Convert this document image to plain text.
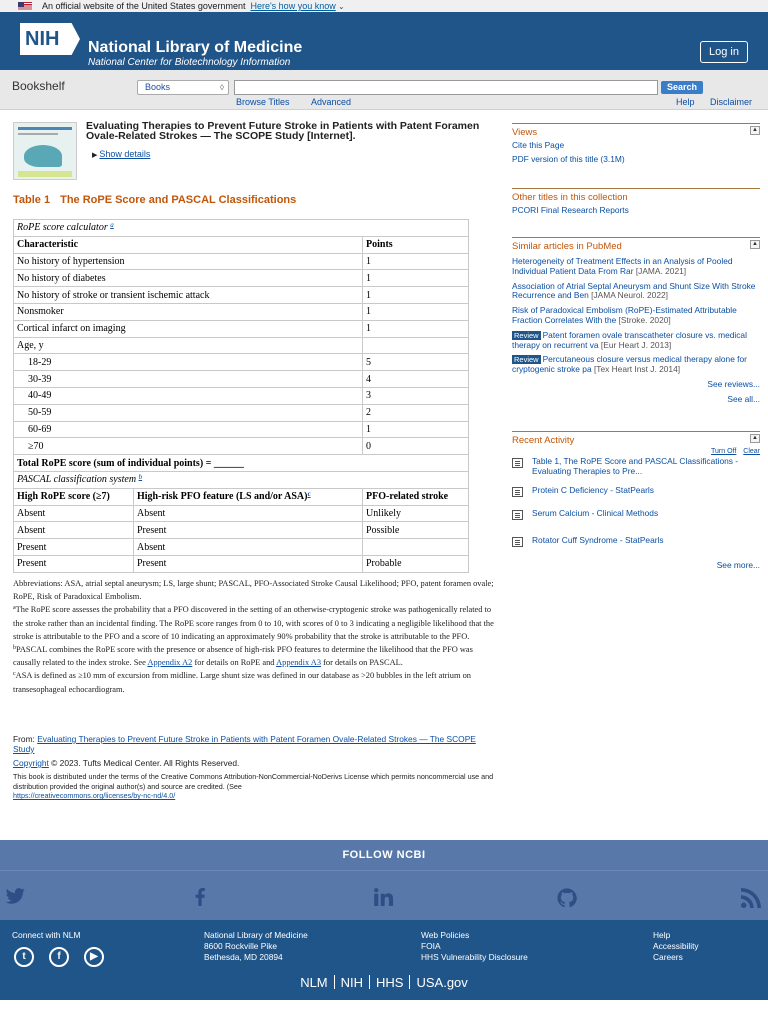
An official website of the United States government Here's how you know ⌄
NIH National Library of Medicine
National Center for Biotechnology Information
Log in
Bookshelf	Books	◊	Search
Browse Titles Advanced	Help Disclaimer
Evaluating Therapies to Prevent Future Stroke in Patients with Patent Foramen Ovale-Related Strokes — The SCOPE Study [Internet].
▶ Show details
Table 1 The RoPE Score and PASCAL Classifications
RoPE score calculator $^a$
Characteristic		Points
No history of hypertension		1
No history of diabetes		1
No history of stroke or transient ischemic attack		1
Nonsmoker		1
Cortical infarct on imaging		1
Age, y		
18-29		5
30-39		4
40-49		3
50-59		2
60-69		1
≥70		0
Total RoPE score (sum of individual points) = ______		
PASCAL classification system $^b$
High RoPE score (≥7)	High-risk PFO feature (LS and/or ASA)$^c$	PFO-related stroke
Absent	Absent	Unlikely
Absent	Present	Possible
Present	Absent	
Present	Present	Probable
Abbreviations: ASA, atrial septal aneurysm; LS, large shunt; PASCAL, PFO-Associated Stroke Causal Likelihood; PFO, patent foramen ovale; RoPE, Risk of Paradoxical Embolism.
$^a$The RoPE score assesses the probability that a PFO discovered in the setting of an otherwise-cryptogenic stroke was pathogenically related to the stroke rather than an incidental finding. The RoPE score ranges from 0 to 10, with scores of 0 to 3 indicating a negligible likelihood that the stroke is attributable to the PFO and a score of 10 indicating an approximately 90% probability that the stroke is attributable to the PFO.
$^b$PASCAL combines the RoPE score with the presence or absence of high-risk PFO features to determine the likelihood that the PFO was causally related to the index stroke. See Appendix A2 for details on RoPE and Appendix A3 for details on PASCAL.
$^c$ASA is defined as ≥10 mm of excursion from midline. Large shunt size was defined in our database as >20 bubbles in the left atrium on transesophageal echocardiogram.
From: Evaluating Therapies to Prevent Future Stroke in Patients with Patent Foramen Ovale-Related Strokes — The SCOPE Study
Copyright © 2023. Tufts Medical Center. All Rights Reserved.
This book is distributed under the terms of the Creative Commons Attribution-NonCommercial-NoDerivs License which permits noncommercial use and distribution provided the original author(s) and source are credited. (See
https://creativecommons.org/licenses/by-nc-nd/4.0/
Views	▲
Cite this Page
PDF version of this title (3.1M)
Other titles in this collection
PCORI Final Research Reports
Similar articles in PubMed	▲
Heterogeneity of Treatment Effects in an Analysis of Pooled Individual Patient Data From Rar [JAMA. 2021]
Association of Atrial Septal Aneurysm and Shunt Size With Stroke Recurrence and Ben [JAMA Neurol. 2022]
Risk of Paradoxical Embolism (RoPE)-Estimated Attributable Fraction Correlates With the [Stroke. 2020]
Review Patent foramen ovale transcatheter closure vs. medical therapy on recurrent va [Eur Heart J. 2013]
Review Percutaneous closure versus medical therapy alone for cryptogenic stroke pa [Tex Heart Inst J. 2014]
See reviews...
See all...
Recent Activity	▲
Turn Off Clear
Table 1, The RoPE Score and PASCAL Classifications - Evaluating Therapies to Pre...
Protein C Deficiency - StatPearls
Serum Calcium - Clinical Methods
Rotator Cuff Syndrome - StatPearls
See more...
FOLLOW NCBI
Connect with NLM
t	f	▶
National Library of Medicine
8600 Rockville Pike
Bethesda, MD 20894
Web Policies
FOIA
HHS Vulnerability Disclosure
Help
Accessibility
Careers
NLM NIH HHS USA.gov
